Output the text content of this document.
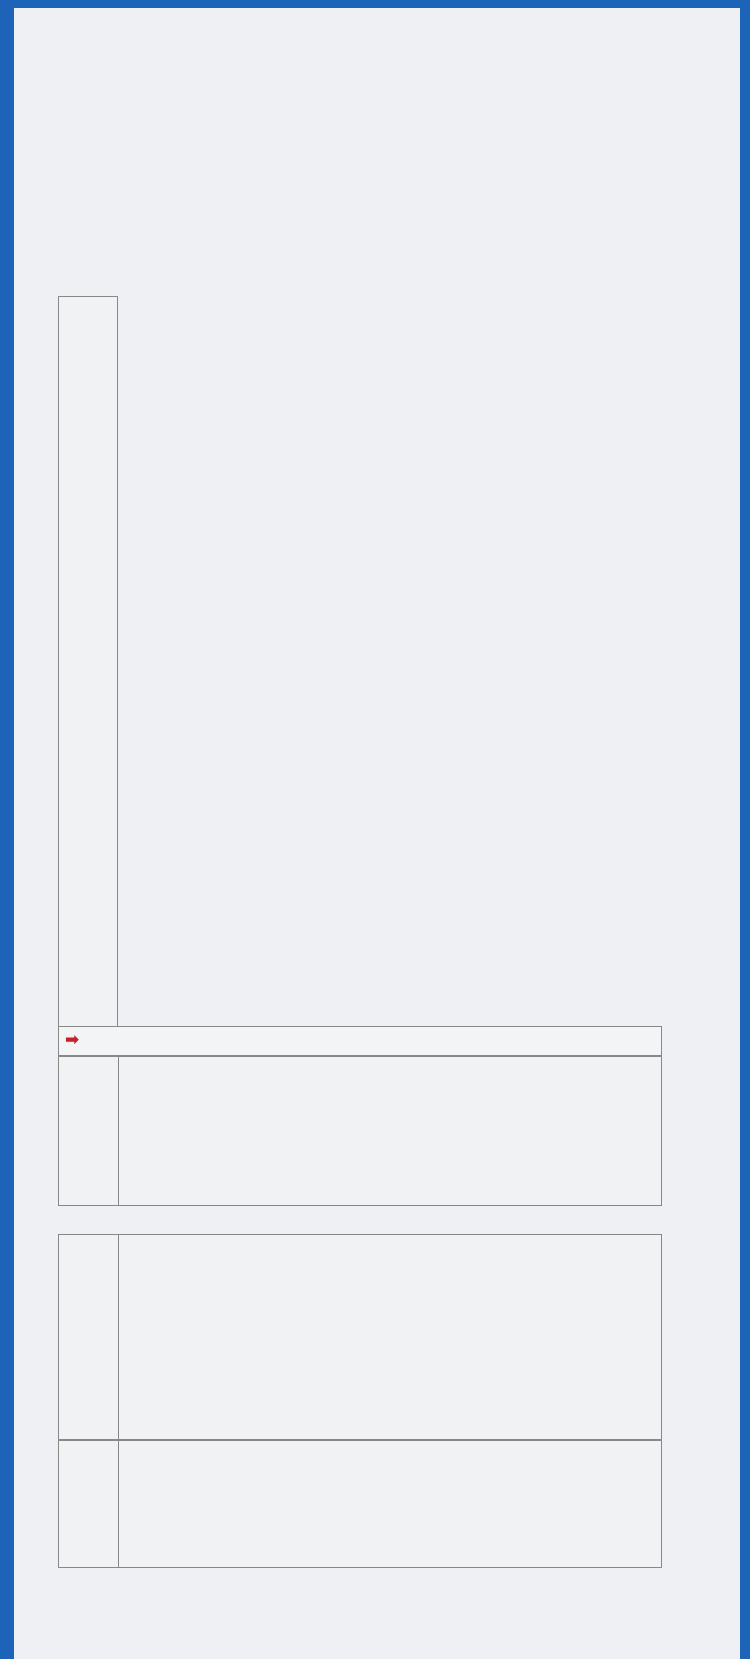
➡
